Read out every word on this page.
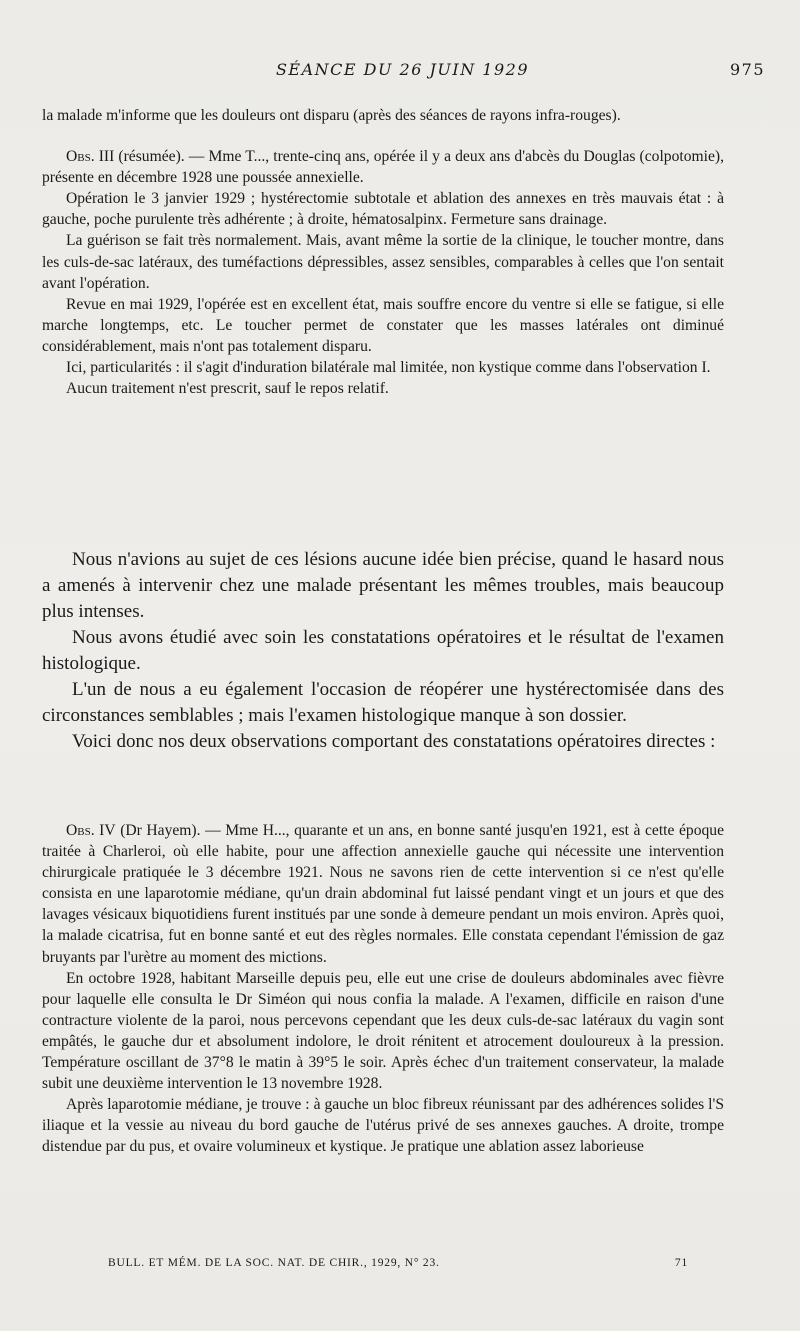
SÉANCE DU 26 JUIN 1929	975

la malade m'informe que les douleurs ont disparu (après des séances de rayons infra-rouges).

Obs. III (résumée). — Mme T..., trente-cinq ans, opérée il y a deux ans d'abcès du Douglas (colpotomie), présente en décembre 1928 une poussée annexielle.

Opération le 3 janvier 1929 ; hystérectomie subtotale et ablation des annexes en très mauvais état : à gauche, poche purulente très adhérente ; à droite, hématosalpinx. Fermeture sans drainage.

La guérison se fait très normalement. Mais, avant même la sortie de la clinique, le toucher montre, dans les culs-de-sac latéraux, des tuméfactions dépressibles, assez sensibles, comparables à celles que l'on sentait avant l'opération.

Revue en mai 1929, l'opérée est en excellent état, mais souffre encore du ventre si elle se fatigue, si elle marche longtemps, etc. Le toucher permet de constater que les masses latérales ont diminué considérablement, mais n'ont pas totalement disparu.

Ici, particularités : il s'agit d'induration bilatérale mal limitée, non kystique comme dans l'observation I.

Aucun traitement n'est prescrit, sauf le repos relatif.

Nous n'avions au sujet de ces lésions aucune idée bien précise, quand le hasard nous a amenés à intervenir chez une malade présentant les mêmes troubles, mais beaucoup plus intenses.

Nous avons étudié avec soin les constatations opératoires et le résultat de l'examen histologique.

L'un de nous a eu également l'occasion de réopérer une hystérectomisée dans des circonstances semblables ; mais l'examen histologique manque à son dossier.

Voici donc nos deux observations comportant des constatations opératoires directes :

Obs. IV (Dr Hayem). — Mme H..., quarante et un ans, en bonne santé jusqu'en 1921, est à cette époque traitée à Charleroi, où elle habite, pour une affection annexielle gauche qui nécessite une intervention chirurgicale pratiquée le 3 décembre 1921. Nous ne savons rien de cette intervention si ce n'est qu'elle consista en une laparotomie médiane, qu'un drain abdominal fut laissé pendant vingt et un jours et que des lavages vésicaux biquotidiens furent institués par une sonde à demeure pendant un mois environ. Après quoi, la malade cicatrisa, fut en bonne santé et eut des règles normales. Elle constata cependant l'émission de gaz bruyants par l'urètre au moment des mictions.

En octobre 1928, habitant Marseille depuis peu, elle eut une crise de douleurs abdominales avec fièvre pour laquelle elle consulta le Dr Siméon qui nous confia la malade. A l'examen, difficile en raison d'une contracture violente de la paroi, nous percevons cependant que les deux culs-de-sac latéraux du vagin sont empâtés, le gauche dur et absolument indolore, le droit rénitent et atrocement douloureux à la pression. Température oscillant de 37°8 le matin à 39°5 le soir. Après échec d'un traitement conservateur, la malade subit une deuxième intervention le 13 novembre 1928.

Après laparotomie médiane, je trouve : à gauche un bloc fibreux réunissant par des adhérences solides l'S iliaque et la vessie au niveau du bord gauche de l'utérus privé de ses annexes gauches. A droite, trompe distendue par du pus, et ovaire volumineux et kystique. Je pratique une ablation assez laborieuse

BULL. ET MÉM. DE LA SOC. NAT. DE CHIR., 1929, N° 23.	71
